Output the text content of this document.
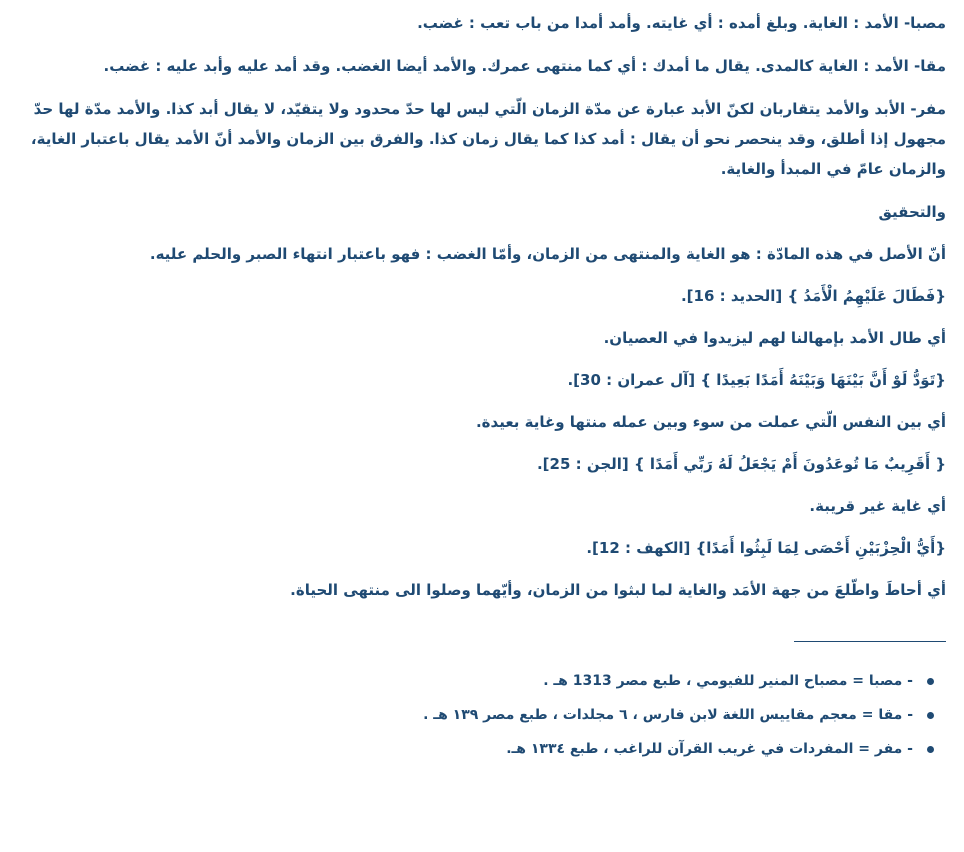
مصبا- الأمد : الغاية. وبلغ أمده : أي غايته. وأمد أمدا من باب تعب : غضب.

مقا- الأمد : الغاية كالمدى. يقال ما أمدك : أي كما منتهى عمرك. والأمد أيضا الغضب. وقد أمد عليه وأبد عليه : غضب.

مفر- الأبد والأمد يتقاربان لكنّ الأبد عبارة عن مدّة الزمان الّتي ليس لها حدّ محدود ولا يتقيّد، لا يقال أبد كذا. والأمد مدّة لها حدّ مجهول إذا أطلق، وقد ينحصر نحو أن يقال : أمد كذا كما يقال زمان كذا. والفرق بين الزمان والأمد أنّ الأمد يقال باعتبار الغاية، والزمان عامّ في المبدأ والغاية.

والتحقيق

أنّ الأصل في هذه المادّة : هو الغاية والمنتهى من الزمان، وأمّا الغضب : فهو باعتبار انتهاء الصبر والحلم عليه.

{فَطَالَ عَلَيْهِمُ الْأَمَدُ } [الحديد : 16].

أي طال الأمد بإمهالنا لهم ليزيدوا في العصيان.

{تَوَدُّ لَوْ أَنَّ بَيْنَهَا وَبَيْنَهُ أَمَدًا بَعِيدًا } [آل عمران : 30].

أي بين النفس الّتي عملت من سوء وبين عمله منتها وغاية بعيدة.

{ أَقَرِيبٌ مَا تُوعَدُونَ أَمْ يَجْعَلُ لَهُ رَبِّي أَمَدًا } [الجن : 25].

أي غاية غير قريبة.

{أَيُّ الْحِزْبَيْنِ أَحْصَى لِمَا لَبِثُوا أَمَدًا} [الكهف : 12].

أي أحاطَ واطّلعَ من جهة الأمَد والغاية لما لبثوا من الزمان، وأيّهما وصلوا الى منتهى الحياة.

- مصبا = مصباح المنير للفيومي ، طبع مصر 1313 هـ .
- مقا = معجم مقاييس اللغة لابن فارس ، ٦ مجلدات ، طبع مصر ١٣٩ هـ .
- مفر = المفردات في غريب القرآن للراغب ، طبع ١٣٣٤ هـ.
